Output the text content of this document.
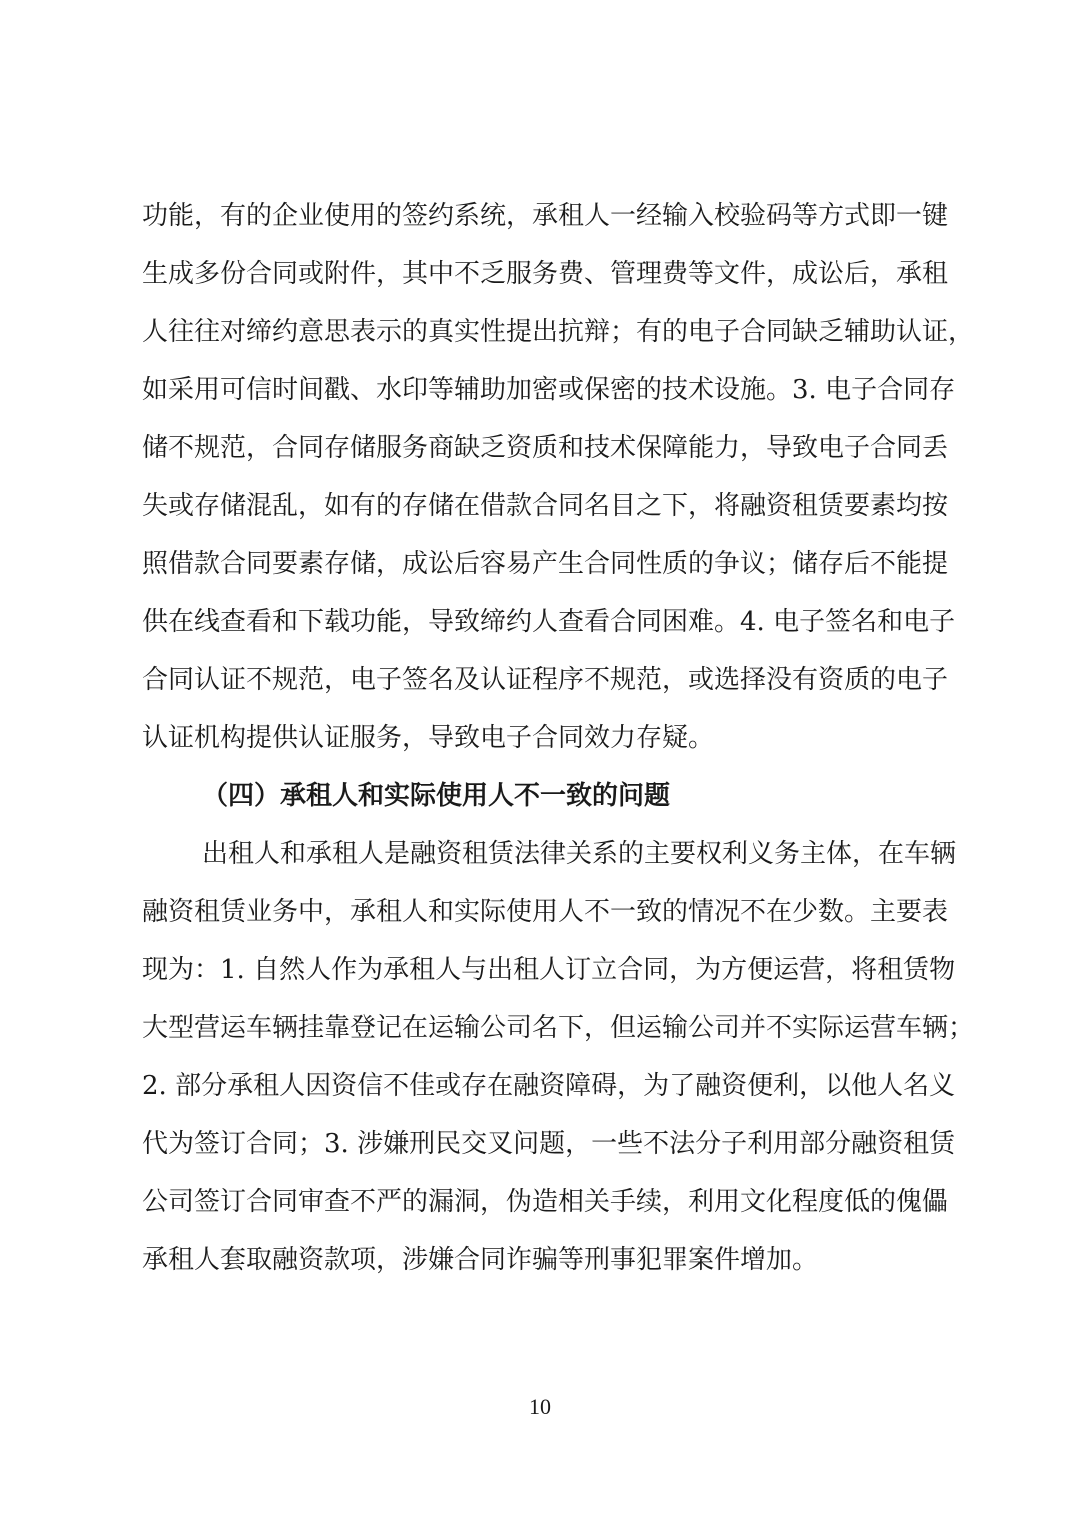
功能，有的企业使用的签约系统，承租人一经输入校验码等方式即一键
生成多份合同或附件，其中不乏服务费、管理费等文件，成讼后，承租
人往往对缔约意思表示的真实性提出抗辩；有的电子合同缺乏辅助认证，
如采用可信时间戳、水印等辅助加密或保密的技术设施。3. 电子合同存
储不规范，合同存储服务商缺乏资质和技术保障能力，导致电子合同丢
失或存储混乱，如有的存储在借款合同名目之下，将融资租赁要素均按
照借款合同要素存储，成讼后容易产生合同性质的争议；储存后不能提
供在线查看和下载功能，导致缔约人查看合同困难。4. 电子签名和电子
合同认证不规范，电子签名及认证程序不规范，或选择没有资质的电子
认证机构提供认证服务，导致电子合同效力存疑。
（四）承租人和实际使用人不一致的问题
出租人和承租人是融资租赁法律关系的主要权利义务主体，在车辆
融资租赁业务中，承租人和实际使用人不一致的情况不在少数。主要表
现为：1. 自然人作为承租人与出租人订立合同，为方便运营，将租赁物
大型营运车辆挂靠登记在运输公司名下，但运输公司并不实际运营车辆；
2. 部分承租人因资信不佳或存在融资障碍，为了融资便利，以他人名义
代为签订合同；3. 涉嫌刑民交叉问题，一些不法分子利用部分融资租赁
公司签订合同审查不严的漏洞，伪造相关手续，利用文化程度低的傀儡
承租人套取融资款项，涉嫌合同诈骗等刑事犯罪案件增加。
10
